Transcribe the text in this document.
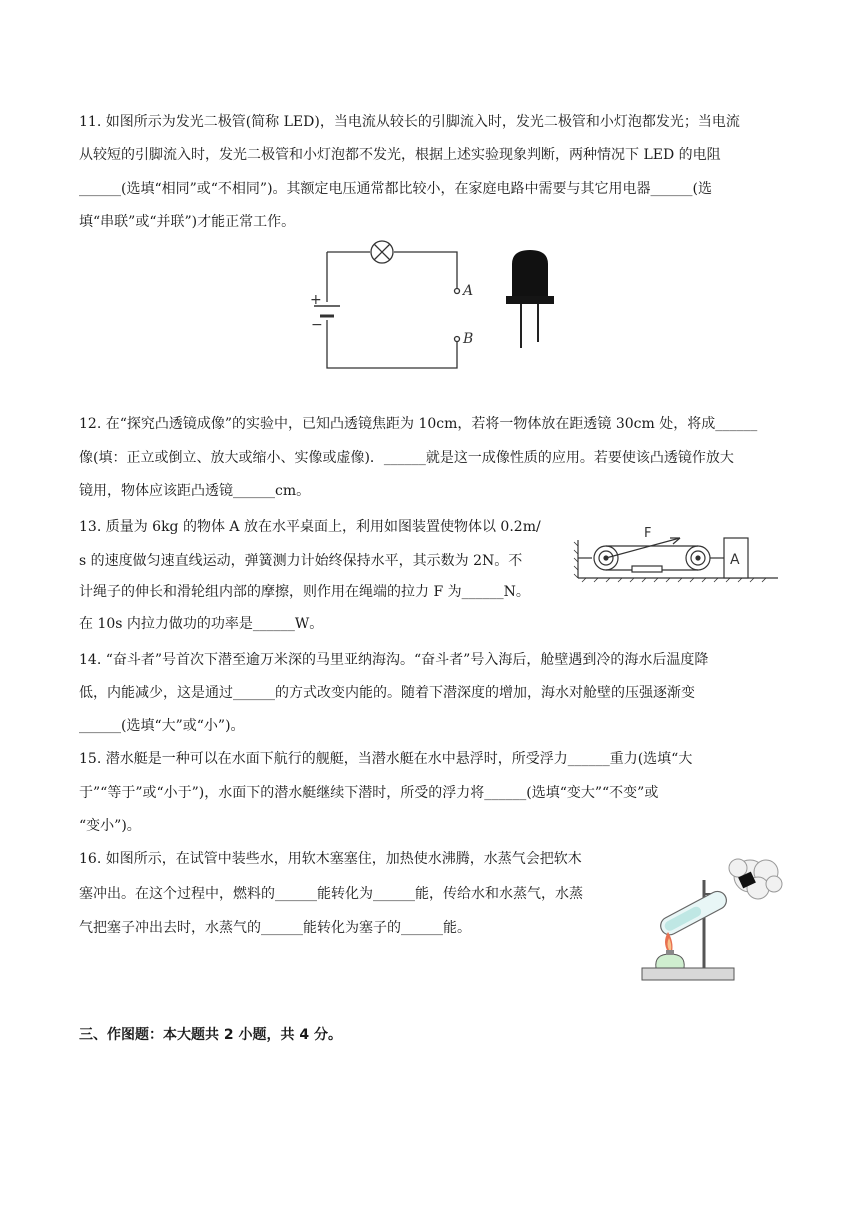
11. 如图所示为发光二极管(简称 LED)，当电流从较长的引脚流入时，发光二极管和小灯泡都发光；当电流
从较短的引脚流入时，发光二极管和小灯泡都不发光，根据上述实验现象判断，两种情况下 LED 的电阻
______(选填“相同”或“不相同”)。其额定电压通常都比较小，在家庭电路中需要与其它用电器______(选
填“串联”或“并联”)才能正常工作。
+
−
A
B
12. 在“探究凸透镜成像”的实验中，已知凸透镜焦距为 10cm，若将一物体放在距透镜 30cm 处，将成______
像(填：正立或倒立、放大或缩小、实像或虚像)．______就是这一成像性质的应用。若要使该凸透镜作放大
镜用，物体应该距凸透镜______cm。
13. 质量为 6kg 的物体 A 放在水平桌面上，利用如图装置使物体以 0.2m/
s 的速度做匀速直线运动，弹簧测力计始终保持水平，其示数为 2N。不
计绳子的伸长和滑轮组内部的摩擦，则作用在绳端的拉力 F 为______N。
在 10s 内拉力做功的功率是______W。
F
A
14. “奋斗者”号首次下潜至逾万米深的马里亚纳海沟。“奋斗者”号入海后，舱壁遇到冷的海水后温度降
低，内能减少，这是通过______的方式改变内能的。随着下潜深度的增加，海水对舱壁的压强逐渐变
______(选填“大”或“小”)。
15. 潜水艇是一种可以在水面下航行的舰艇，当潜水艇在水中悬浮时，所受浮力______重力(选填“大
于”“等于”或“小于”)，水面下的潜水艇继续下潜时，所受的浮力将______(选填“变大”“不变”或
“变小”)。
16. 如图所示，在试管中装些水，用软木塞塞住，加热使水沸腾，水蒸气会把软木
塞冲出。在这个过程中，燃料的______能转化为______能，传给水和水蒸气，水蒸
气把塞子冲出去时，水蒸气的______能转化为塞子的______能。
三、作图题：本大题共 2 小题，共 4 分。
